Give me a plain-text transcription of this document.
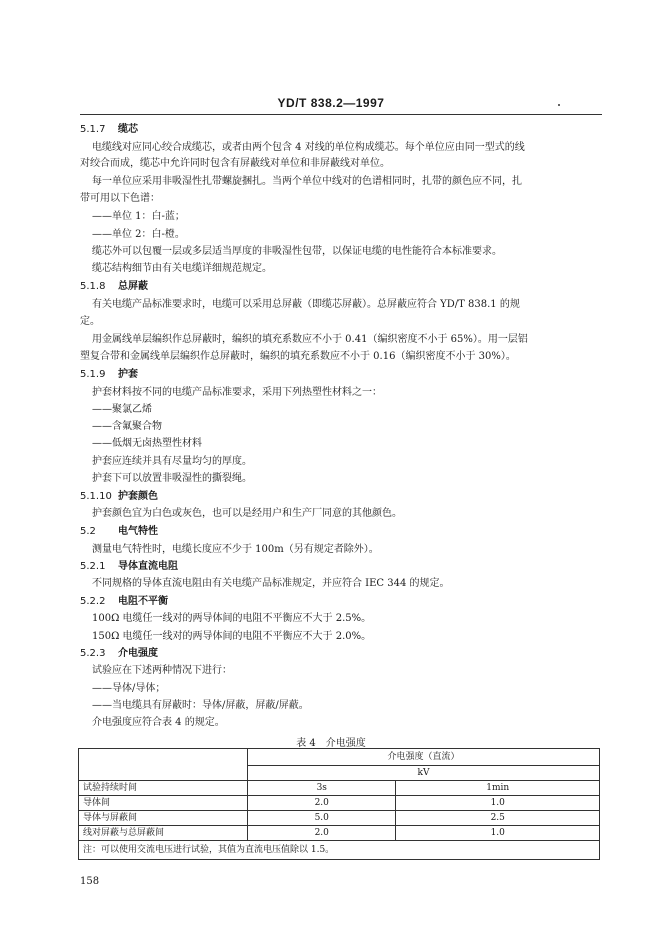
YD/T 838.2—1997
5.1.7 缆芯
电缆线对应同心绞合成缆芯，或者由两个包含 4 对线的单位构成缆芯。每个单位应由同一型式的线
对绞合而成，缆芯中允许同时包含有屏蔽线对单位和非屏蔽线对单位。
每一单位应采用非吸湿性扎带螺旋捆扎。当两个单位中线对的色谱相同时，扎带的颜色应不同，扎
带可用以下色谱：
——单位 1：白-蓝；
——单位 2：白-橙。
缆芯外可以包覆一层或多层适当厚度的非吸湿性包带，以保证电缆的电性能符合本标准要求。
缆芯结构细节由有关电缆详细规范规定。
5.1.8 总屏蔽
有关电缆产品标准要求时，电缆可以采用总屏蔽（即缆芯屏蔽）。总屏蔽应符合 YD/T 838.1 的规
定。
用金属线单层编织作总屏蔽时，编织的填充系数应不小于 0.41（编织密度不小于 65%）。用一层铝
塑复合带和金属线单层编织作总屏蔽时，编织的填充系数应不小于 0.16（编织密度不小于 30%）。
5.1.9 护套
护套材料按不同的电缆产品标准要求，采用下列热塑性材料之一：
——聚氯乙烯
——含氟聚合物
——低烟无卤热塑性材料
护套应连续并具有尽量均匀的厚度。
护套下可以放置非吸湿性的撕裂绳。
5.1.10 护套颜色
护套颜色宜为白色或灰色，也可以是经用户和生产厂同意的其他颜色。
5.2 电气特性
测量电气特性时，电缆长度应不少于 100m（另有规定者除外）。
5.2.1 导体直流电阻
不同规格的导体直流电阻由有关电缆产品标准规定，并应符合 IEC 344 的规定。
5.2.2 电阻不平衡
100Ω 电缆任一线对的两导体间的电阻不平衡应不大于 2.5%。
150Ω 电缆任一线对的两导体间的电阻不平衡应不大于 2.0%。
5.2.3 介电强度
试验应在下述两种情况下进行：
——导体/导体；
——当电缆具有屏蔽时：导体/屏蔽，屏蔽/屏蔽。
介电强度应符合表 4 的规定。
表 4　介电强度
	介电强度（直流）	
	kV	
试验持续时间	3s	1min
导体间	2.0	1.0
导体与屏蔽间	5.0	2.5
线对屏蔽与总屏蔽间	2.0	1.0
注：可以使用交流电压进行试验，其值为直流电压值除以 1.5。		
158
